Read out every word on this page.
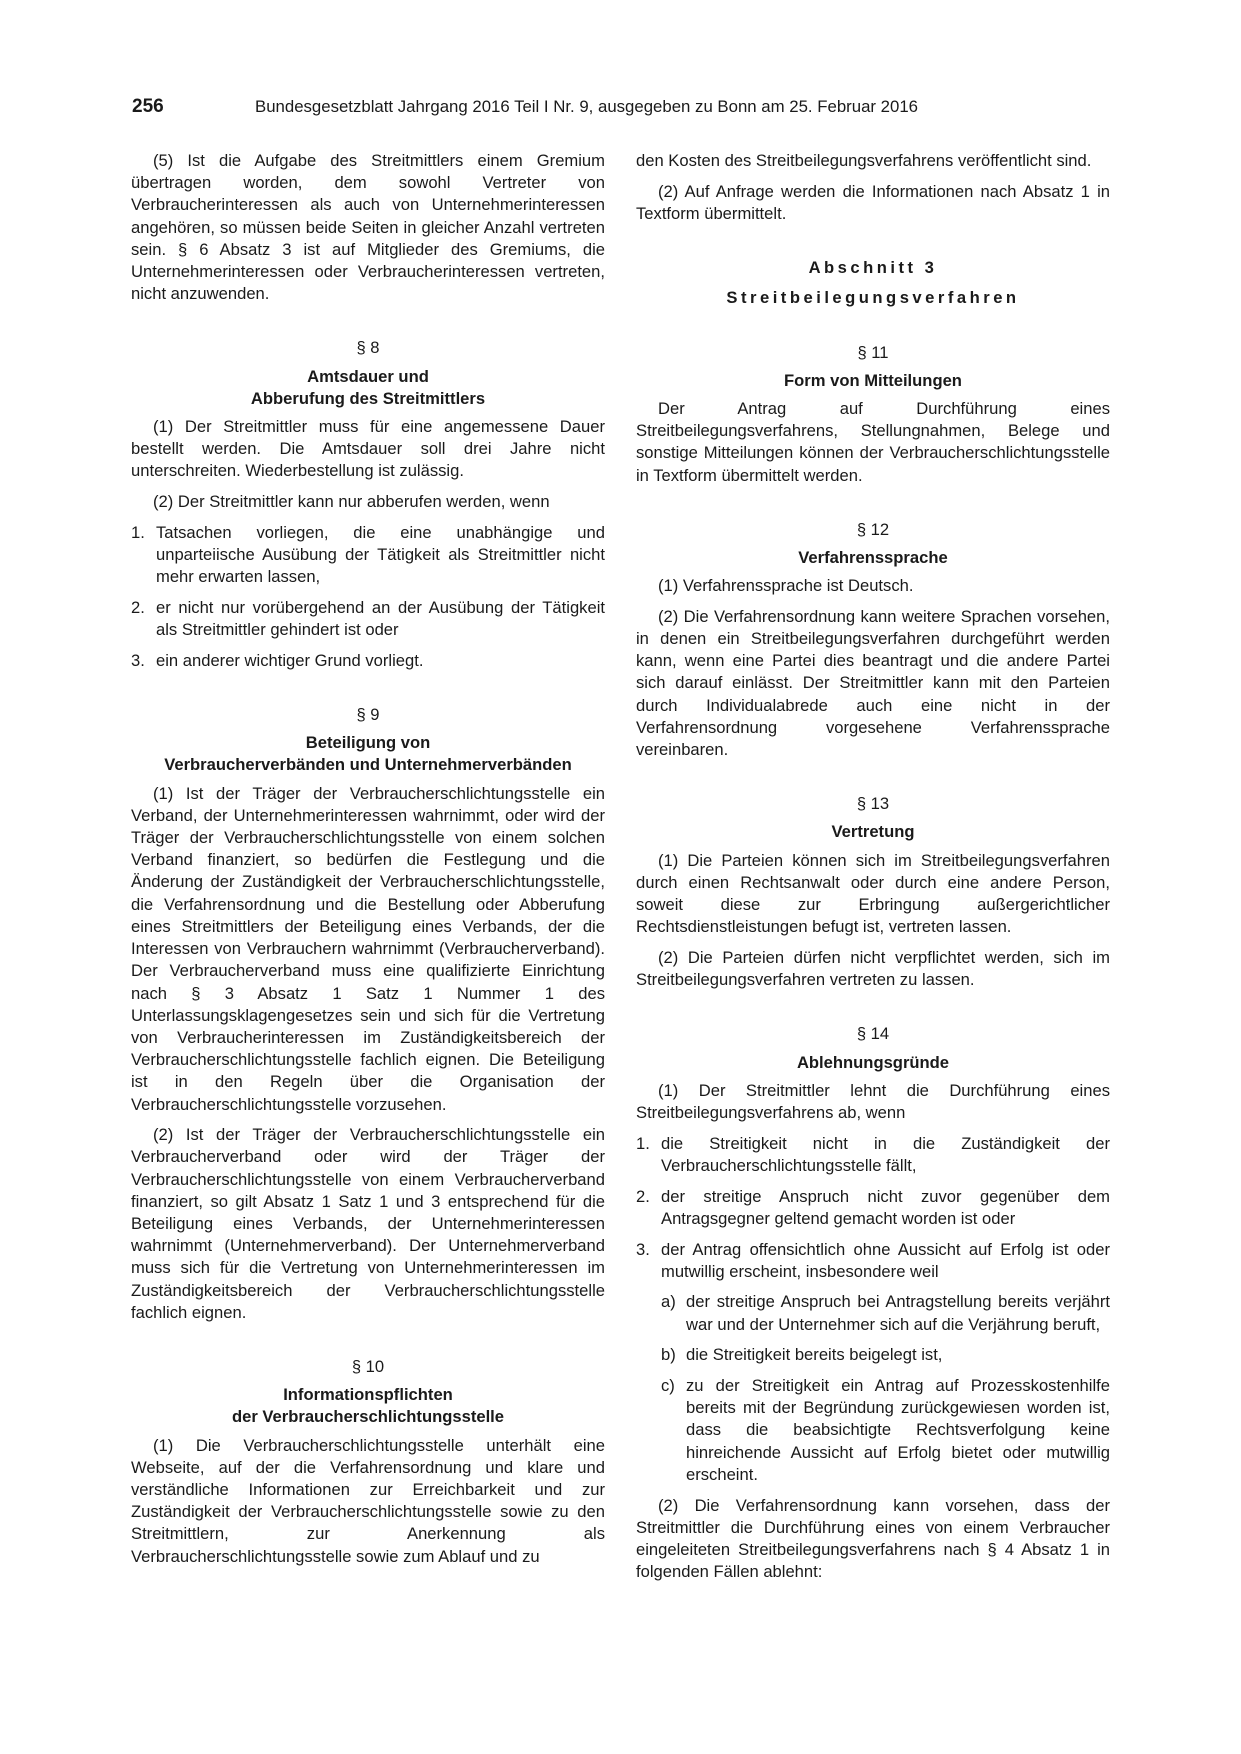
256	Bundesgesetzblatt Jahrgang 2016 Teil I Nr. 9, ausgegeben zu Bonn am 25. Februar 2016

(5) Ist die Aufgabe des Streitmittlers einem Gremium übertragen worden, dem sowohl Vertreter von Verbraucherinteressen als auch von Unternehmerinteressen angehören, so müssen beide Seiten in gleicher Anzahl vertreten sein. § 6 Absatz 3 ist auf Mitglieder des Gremiums, die Unternehmerinteressen oder Verbraucherinteressen vertreten, nicht anzuwenden.

§ 8
Amtsdauer und
Abberufung des Streitmittlers

(1) Der Streitmittler muss für eine angemessene Dauer bestellt werden. Die Amtsdauer soll drei Jahre nicht unterschreiten. Wiederbestellung ist zulässig.

(2) Der Streitmittler kann nur abberufen werden, wenn

1. Tatsachen vorliegen, die eine unabhängige und unparteiische Ausübung der Tätigkeit als Streitmittler nicht mehr erwarten lassen,
2. er nicht nur vorübergehend an der Ausübung der Tätigkeit als Streitmittler gehindert ist oder
3. ein anderer wichtiger Grund vorliegt.
§ 9
Beteiligung von
Verbraucherverbänden und Unternehmerverbänden

(1) Ist der Träger der Verbraucherschlichtungsstelle ein Verband, der Unternehmerinteressen wahrnimmt, oder wird der Träger der Verbraucherschlichtungsstelle von einem solchen Verband finanziert, so bedürfen die Festlegung und die Änderung der Zuständigkeit der Verbraucherschlichtungsstelle, die Verfahrensordnung und die Bestellung oder Abberufung eines Streitmittlers der Beteiligung eines Verbands, der die Interessen von Verbrauchern wahrnimmt (Verbraucherverband). Der Verbraucherverband muss eine qualifizierte Einrichtung nach § 3 Absatz 1 Satz 1 Nummer 1 des Unterlassungsklagengesetzes sein und sich für die Vertretung von Verbraucherinteressen im Zuständigkeitsbereich der Verbraucherschlichtungsstelle fachlich eignen. Die Beteiligung ist in den Regeln über die Organisation der Verbraucherschlichtungsstelle vorzusehen.

(2) Ist der Träger der Verbraucherschlichtungsstelle ein Verbraucherverband oder wird der Träger der Verbraucherschlichtungsstelle von einem Verbraucherverband finanziert, so gilt Absatz 1 Satz 1 und 3 entsprechend für die Beteiligung eines Verbands, der Unternehmerinteressen wahrnimmt (Unternehmerverband). Der Unternehmerverband muss sich für die Vertretung von Unternehmerinteressen im Zuständigkeitsbereich der Verbraucherschlichtungsstelle fachlich eignen.

§ 10
Informationspflichten
der Verbraucherschlichtungsstelle

(1) Die Verbraucherschlichtungsstelle unterhält eine Webseite, auf der die Verfahrensordnung und klare und verständliche Informationen zur Erreichbarkeit und zur Zuständigkeit der Verbraucherschlichtungsstelle sowie zu den Streitmittlern, zur Anerkennung als Verbraucherschlichtungsstelle sowie zum Ablauf und zu

den Kosten des Streitbeilegungsverfahrens veröffentlicht sind.

(2) Auf Anfrage werden die Informationen nach Absatz 1 in Textform übermittelt.

Abschnitt 3
Streitbeilegungsverfahren
§ 11
Form von Mitteilungen

Der Antrag auf Durchführung eines Streitbeilegungsverfahrens, Stellungnahmen, Belege und sonstige Mitteilungen können der Verbraucherschlichtungsstelle in Textform übermittelt werden.

§ 12
Verfahrenssprache

(1) Verfahrenssprache ist Deutsch.

(2) Die Verfahrensordnung kann weitere Sprachen vorsehen, in denen ein Streitbeilegungsverfahren durchgeführt werden kann, wenn eine Partei dies beantragt und die andere Partei sich darauf einlässt. Der Streitmittler kann mit den Parteien durch Individualabrede auch eine nicht in der Verfahrensordnung vorgesehene Verfahrenssprache vereinbaren.

§ 13
Vertretung

(1) Die Parteien können sich im Streitbeilegungsverfahren durch einen Rechtsanwalt oder durch eine andere Person, soweit diese zur Erbringung außergerichtlicher Rechtsdienstleistungen befugt ist, vertreten lassen.

(2) Die Parteien dürfen nicht verpflichtet werden, sich im Streitbeilegungsverfahren vertreten zu lassen.

§ 14
Ablehnungsgründe

(1) Der Streitmittler lehnt die Durchführung eines Streitbeilegungsverfahrens ab, wenn

1. die Streitigkeit nicht in die Zuständigkeit der Verbraucherschlichtungsstelle fällt,
2. der streitige Anspruch nicht zuvor gegenüber dem Antragsgegner geltend gemacht worden ist oder
3. der Antrag offensichtlich ohne Aussicht auf Erfolg ist oder mutwillig erscheint, insbesondere weil
a) der streitige Anspruch bei Antragstellung bereits verjährt war und der Unternehmer sich auf die Verjährung beruft,
b) die Streitigkeit bereits beigelegt ist,
c) zu der Streitigkeit ein Antrag auf Prozesskostenhilfe bereits mit der Begründung zurückgewiesen worden ist, dass die beabsichtigte Rechtsverfolgung keine hinreichende Aussicht auf Erfolg bietet oder mutwillig erscheint.

(2) Die Verfahrensordnung kann vorsehen, dass der Streitmittler die Durchführung eines von einem Verbraucher eingeleiteten Streitbeilegungsverfahrens nach § 4 Absatz 1 in folgenden Fällen ablehnt:
